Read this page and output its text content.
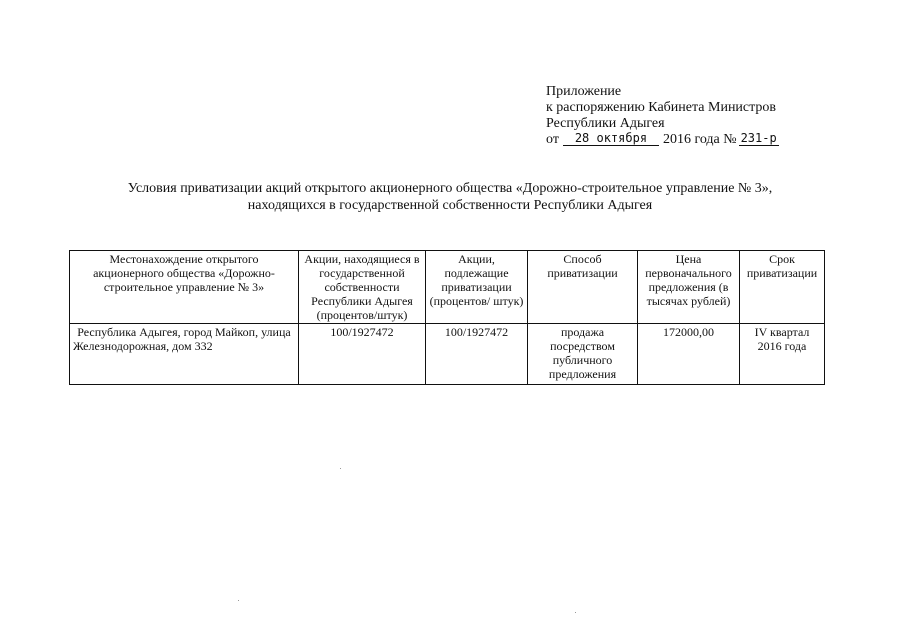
Приложение
к распоряжению Кабинета Министров
Республики Адыгея
от	28 октября	2016 года № 231-р
Условия приватизации акций открытого акционерного общества «Дорожно-строительное управление № 3»,
находящихся в государственной собственности Республики Адыгея
Местонахождение открытого акционерного общества «Дорожно-строительное управление № 3»	Акции, находящиеся в государственной собственности Республики Адыгея (процентов/штук)	Акции, подлежащие приватизации (процентов/ штук)	Способ приватизации	Цена первоначального предложения (в тысячах рублей)	Срок приватизации
Республика Адыгея, город Майкоп, улица Железнодорожная, дом 332	100/1927472	100/1927472	продажа посредством публичного предложения	172000,00	IV квартал 2016 года
